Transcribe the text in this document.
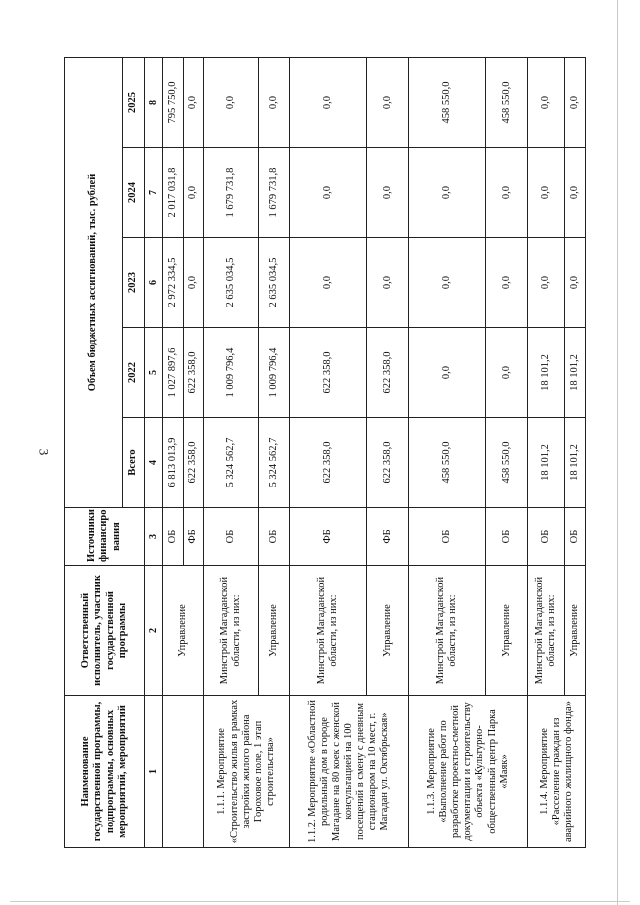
3
Наименование государственной программы, подпрограммы, основных мероприятий, мероприятий	Ответственный исполнитель, участник государственной программы	Источники финансиро вания	Объем бюджетных ассигнований, тыс. рублей				
			Всего	2022	2023	2024	2025
1	2	3	4	5	6	7	8
	Управление	ОБ	6 813 013,9	1 027 897,6	2 972 334,5	2 017 031,8	795 750,0
		ФБ	622 358,0	622 358,0	0,0	0,0	0,0
1.1.1. Мероприятие «Строительство жилья в рамках застройки жилого района Гороховое поле, 1 этап строительства»	Минстрой Магаданской области, из них:	ОБ	5 324 562,7	1 009 796,4	2 635 034,5	1 679 731,8	0,0
	Управление	ОБ	5 324 562,7	1 009 796,4	2 635 034,5	1 679 731,8	0,0
1.1.2. Мероприятие «Областной родильный дом в городе Магадане на 80 коек с женской консультацией на 100 посещений в смену с дневным стационаром на 10 мест, г. Магадан ул. Октябрьская»	Минстрой Магаданской области, из них:	ФБ	622 358,0	622 358,0	0,0	0,0	0,0
	Управление	ФБ	622 358,0	622 358,0	0,0	0,0	0,0
1.1.3. Мероприятие «Выполнение работ по разработке проектно-сметной документации и строительству объекта «Культурно-общественный центр Парка «Маяк»	Минстрой Магаданской области, из них:	ОБ	458 550,0	0,0	0,0	0,0	458 550,0
	Управление	ОБ	458 550,0	0,0	0,0	0,0	458 550,0
1.1.4. Мероприятие «Расселение граждан из аварийного жилищного фонда»	Минстрой Магаданской области, из них:	ОБ	18 101,2	18 101,2	0,0	0,0	0,0
	Управление	ОБ	18 101,2	18 101,2	0,0	0,0	0,0
